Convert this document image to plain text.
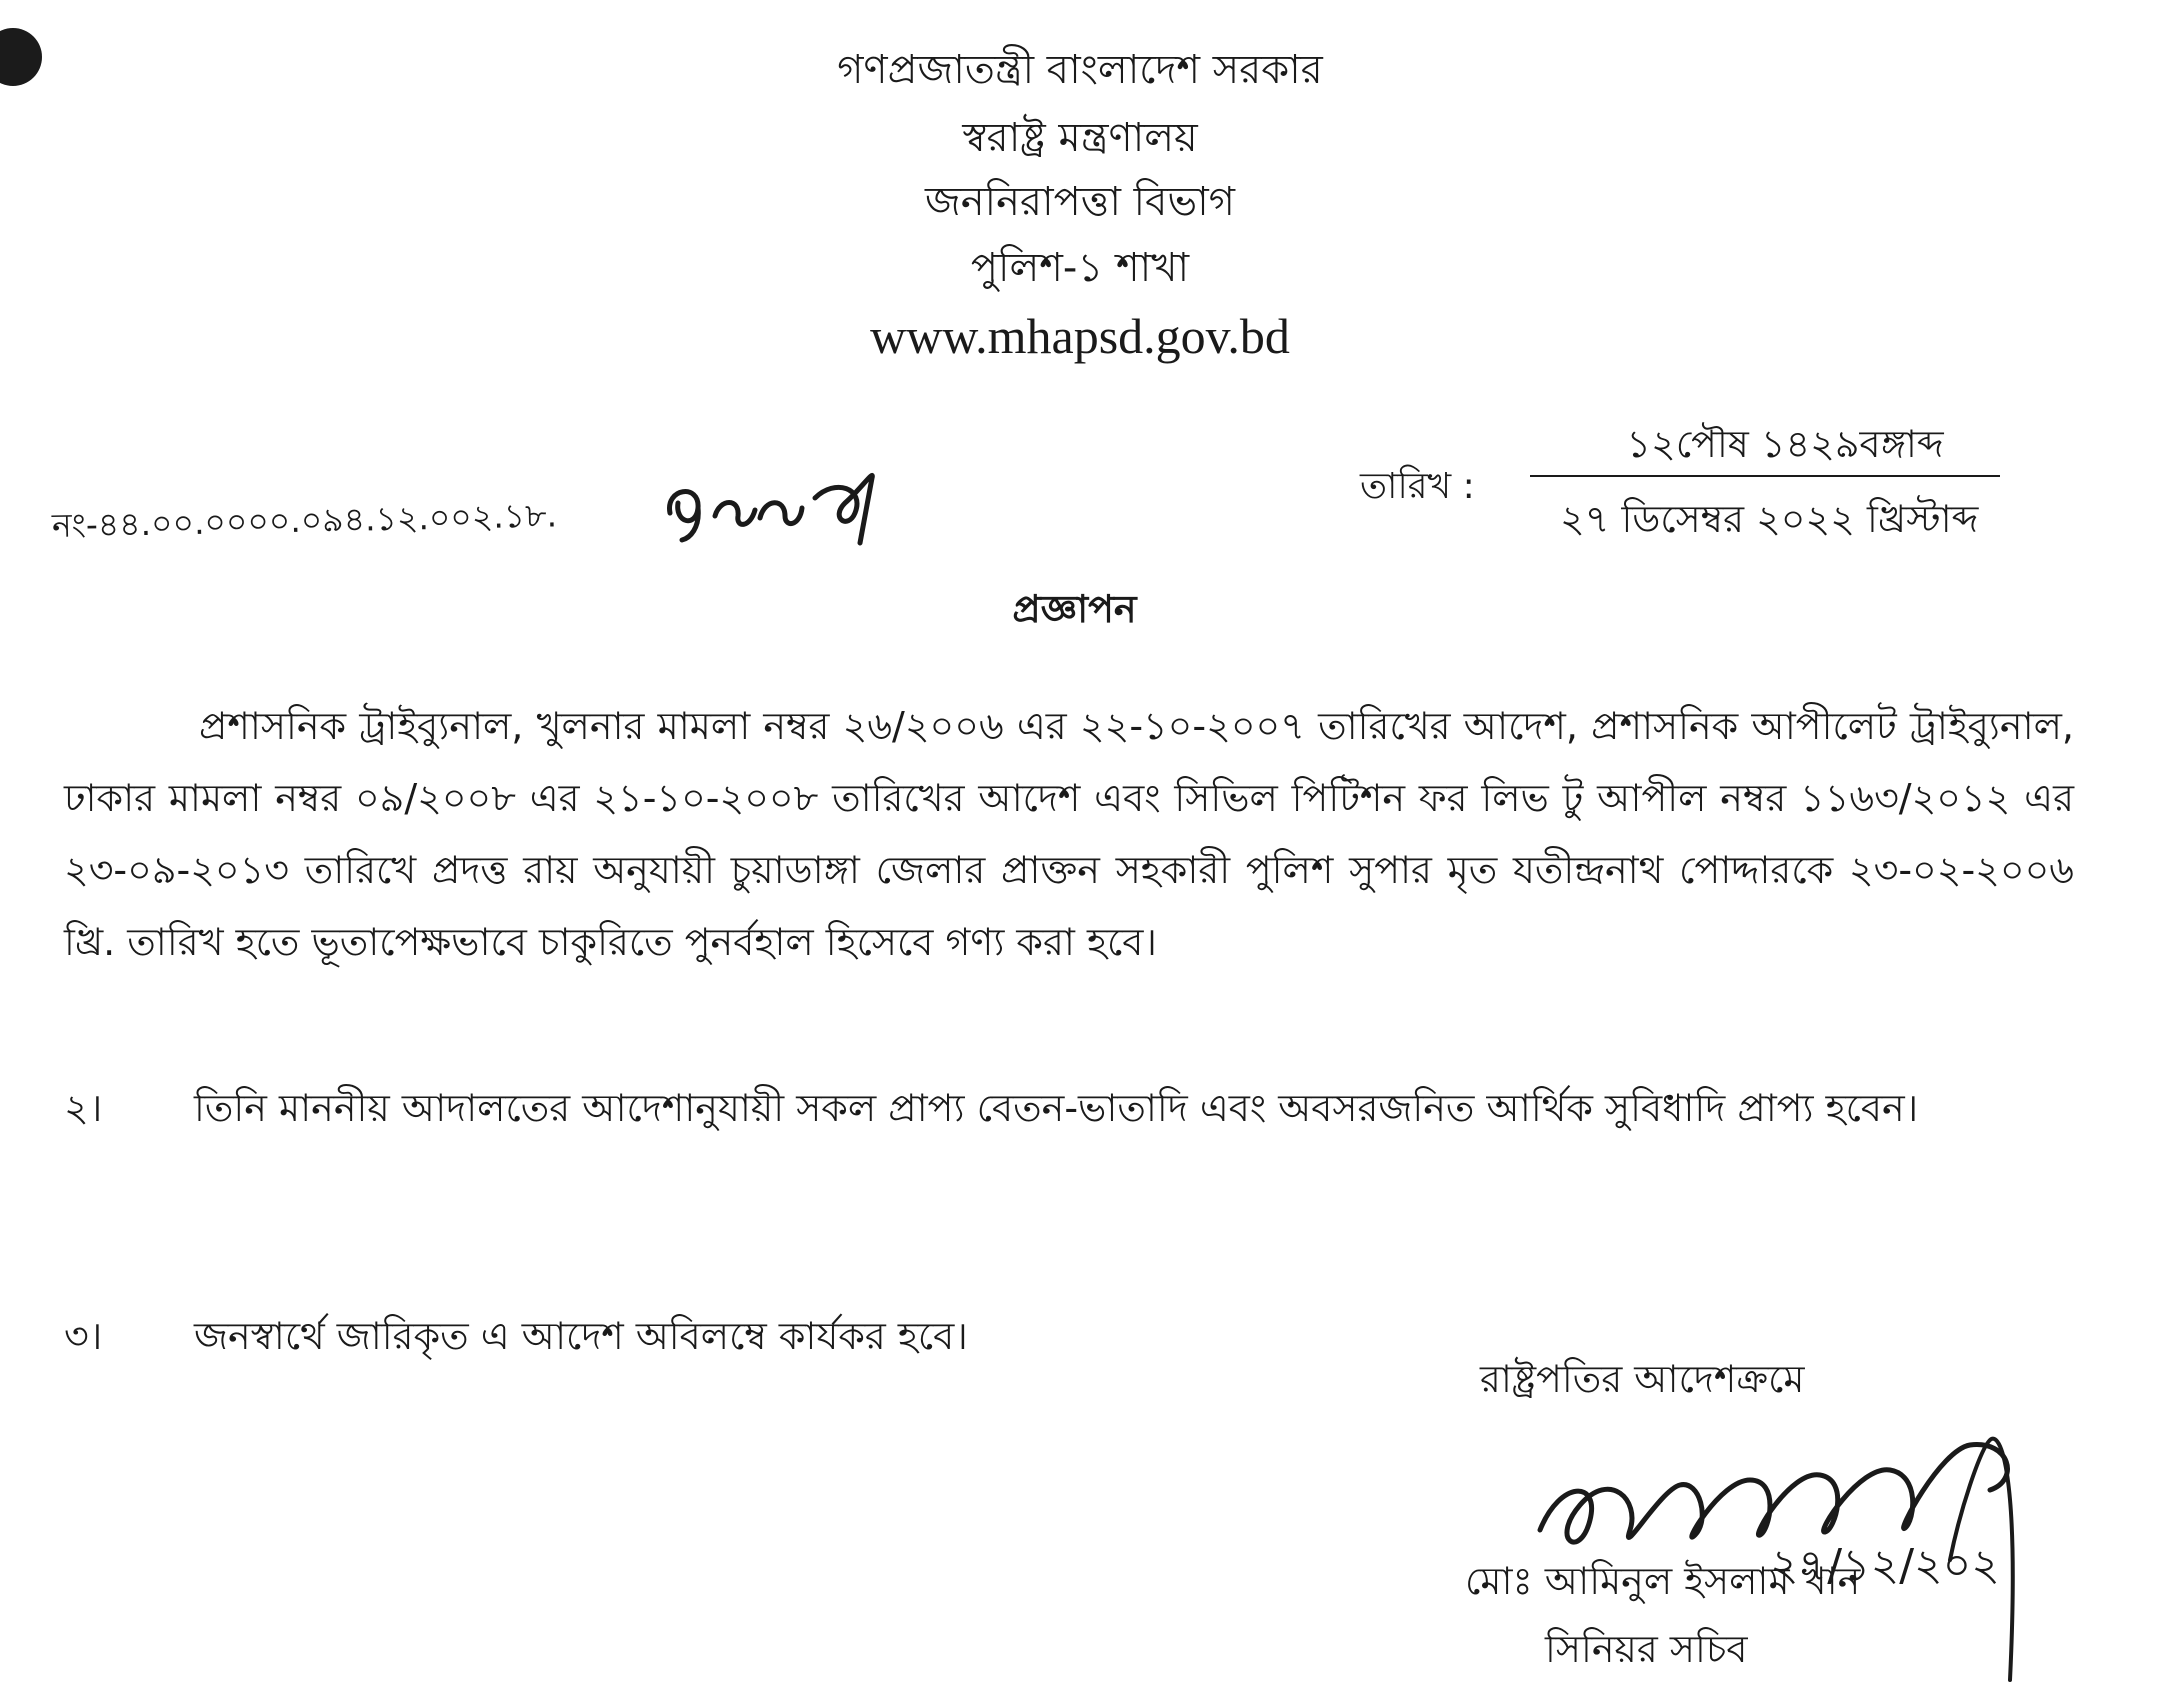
গণপ্রজাতন্ত্রী বাংলাদেশ সরকার
স্বরাষ্ট্র মন্ত্রণালয়
জননিরাপত্তা বিভাগ
পুলিশ-১ শাখা
www.mhapsd.gov.bd
তারিখ :
১২পৌষ ১৪২৯বঙ্গাব্দ
২৭ ডিসেম্বর ২০২২ খ্রিস্টাব্দ
নং-৪৪.০০.০০০০.০৯৪.১২.০০২.১৮.
প্রজ্ঞাপন
প্রশাসনিক ট্রাইব্যুনাল, খুলনার মামলা নম্বর ২৬/২০০৬ এর ২২-১০-২০০৭ তারিখের আদেশ, প্রশাসনিক আপীলেট ট্রাইব্যুনাল, ঢাকার মামলা নম্বর ০৯/২০০৮ এর ২১-১০-২০০৮ তারিখের আদেশ এবং সিভিল পিটিশন ফর লিভ টু আপীল নম্বর ১১৬৩/২০১২ এর ২৩-০৯-২০১৩ তারিখে প্রদত্ত রায় অনুযায়ী চুয়াডাঙ্গা জেলার প্রাক্তন সহকারী পুলিশ সুপার মৃত যতীন্দ্রনাথ পোদ্দারকে ২৩-০২-২০০৬ খ্রি. তারিখ হতে ভূতাপেক্ষভাবে চাকুরিতে পুনর্বহাল হিসেবে গণ্য করা হবে।
২। তিনি মাননীয় আদালতের আদেশানুযায়ী সকল প্রাপ্য বেতন-ভাতাদি এবং অবসরজনিত আর্থিক সুবিধাদি প্রাপ্য হবেন।
৩। জনস্বার্থে জারিকৃত এ আদেশ অবিলম্বে কার্যকর হবে।
রাষ্ট্রপতির আদেশক্রমে
২৭/১২/২০২
মোঃ আমিনুল ইসলাম খান
সিনিয়র সচিব
